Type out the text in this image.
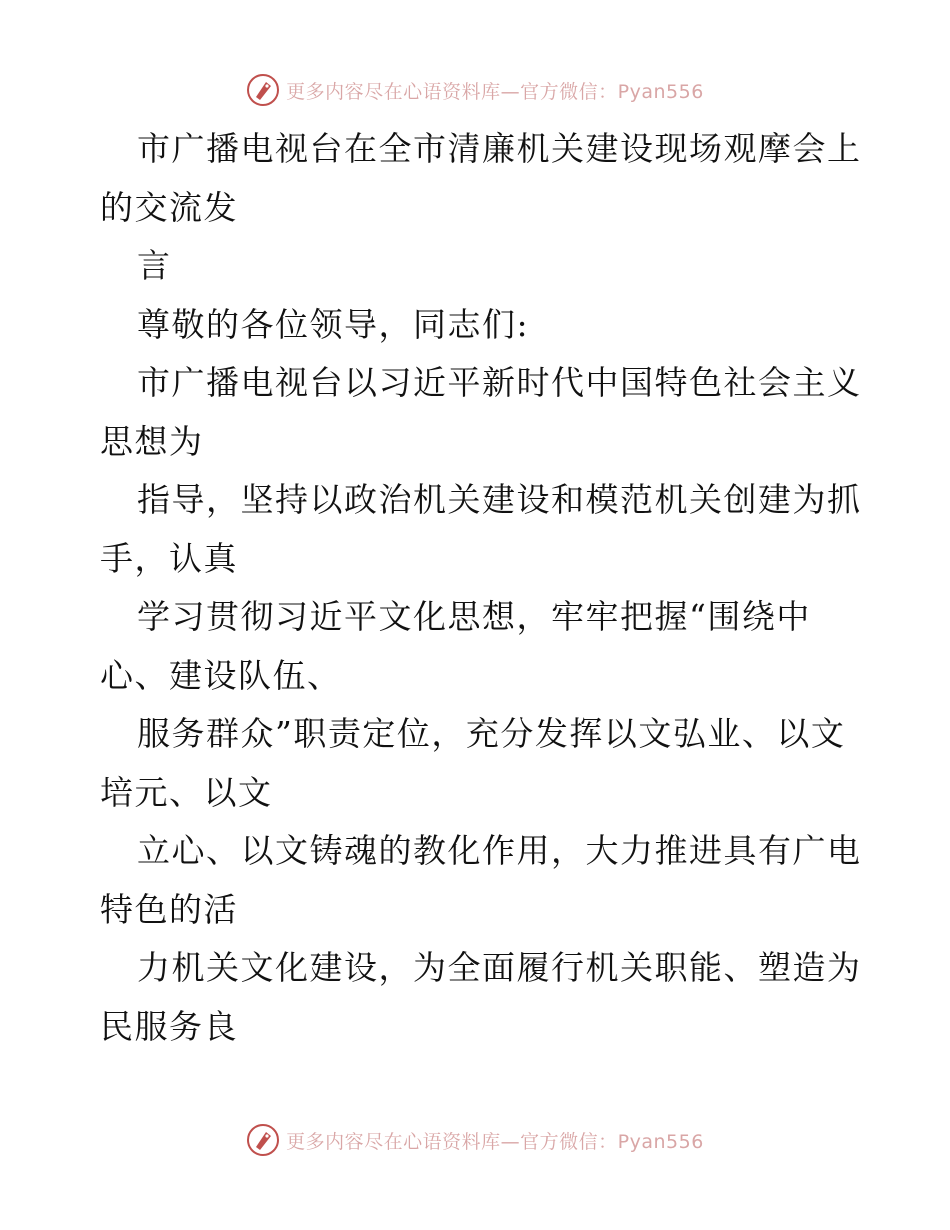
更多内容尽在心语资料库—官方微信：Pyan556
市广播电视台在全市清廉机关建设现场观摩会上
的交流发
言
尊敬的各位领导，同志们:
市广播电视台以习近平新时代中国特色社会主义
思想为
指导，坚持以政治机关建设和模范机关创建为抓
手，认真
学习贯彻习近平文化思想，牢牢把握“围绕中
心、建设队伍、
服务群众”职责定位，充分发挥以文弘业、以文
培元、以文
立心、以文铸魂的教化作用，大力推进具有广电
特色的活
力机关文化建设，为全面履行机关职能、塑造为
民服务良
更多内容尽在心语资料库—官方微信：Pyan556
